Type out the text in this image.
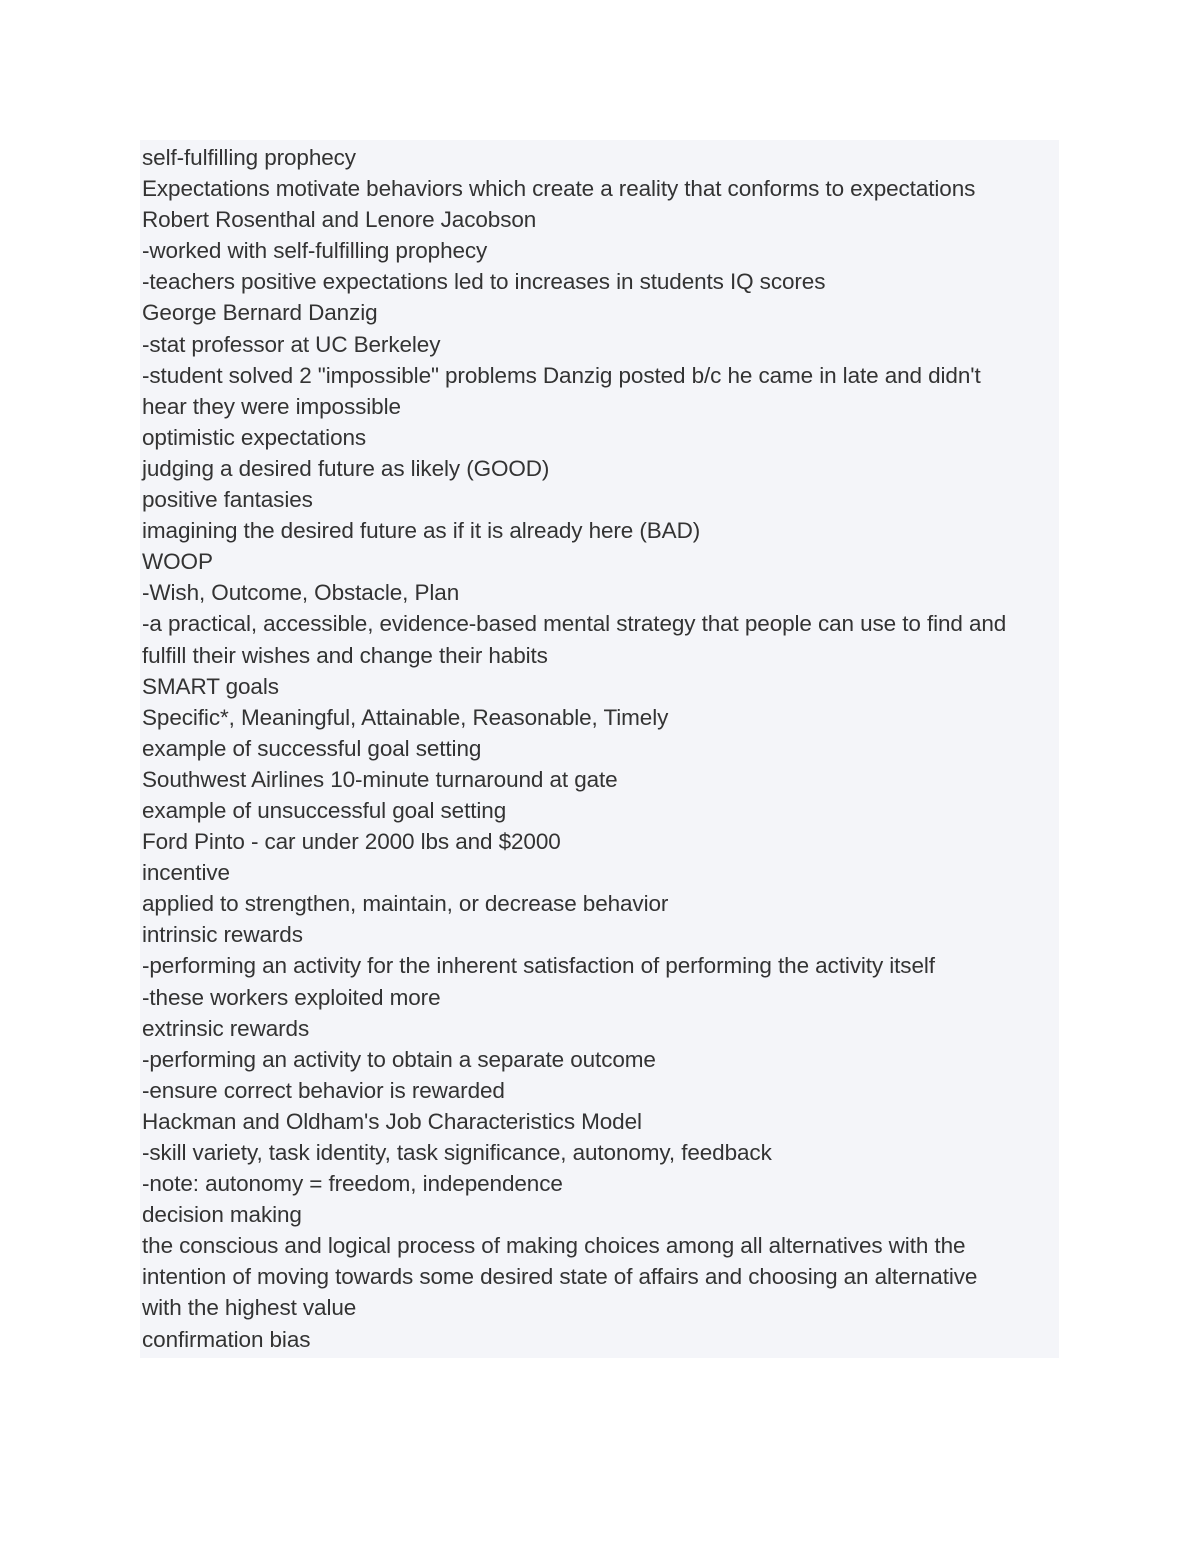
self-fulfilling prophecy
Expectations motivate behaviors which create a reality that conforms to expectations
Robert Rosenthal and Lenore Jacobson
-worked with self-fulfilling prophecy
-teachers positive expectations led to increases in students IQ scores
George Bernard Danzig
-stat professor at UC Berkeley
-student solved 2 "impossible" problems Danzig posted b/c he came in late and didn't
hear they were impossible
optimistic expectations
judging a desired future as likely (GOOD)
positive fantasies
imagining the desired future as if it is already here (BAD)
WOOP
-Wish, Outcome, Obstacle, Plan
-a practical, accessible, evidence-based mental strategy that people can use to find and
fulfill their wishes and change their habits
SMART goals
Specific*, Meaningful, Attainable, Reasonable, Timely
example of successful goal setting
Southwest Airlines 10-minute turnaround at gate
example of unsuccessful goal setting
Ford Pinto - car under 2000 lbs and $2000
incentive
applied to strengthen, maintain, or decrease behavior
intrinsic rewards
-performing an activity for the inherent satisfaction of performing the activity itself
-these workers exploited more
extrinsic rewards
-performing an activity to obtain a separate outcome
-ensure correct behavior is rewarded
Hackman and Oldham's Job Characteristics Model
-skill variety, task identity, task significance, autonomy, feedback
-note: autonomy = freedom, independence
decision making
the conscious and logical process of making choices among all alternatives with the
intention of moving towards some desired state of affairs and choosing an alternative
with the highest value
confirmation bias
